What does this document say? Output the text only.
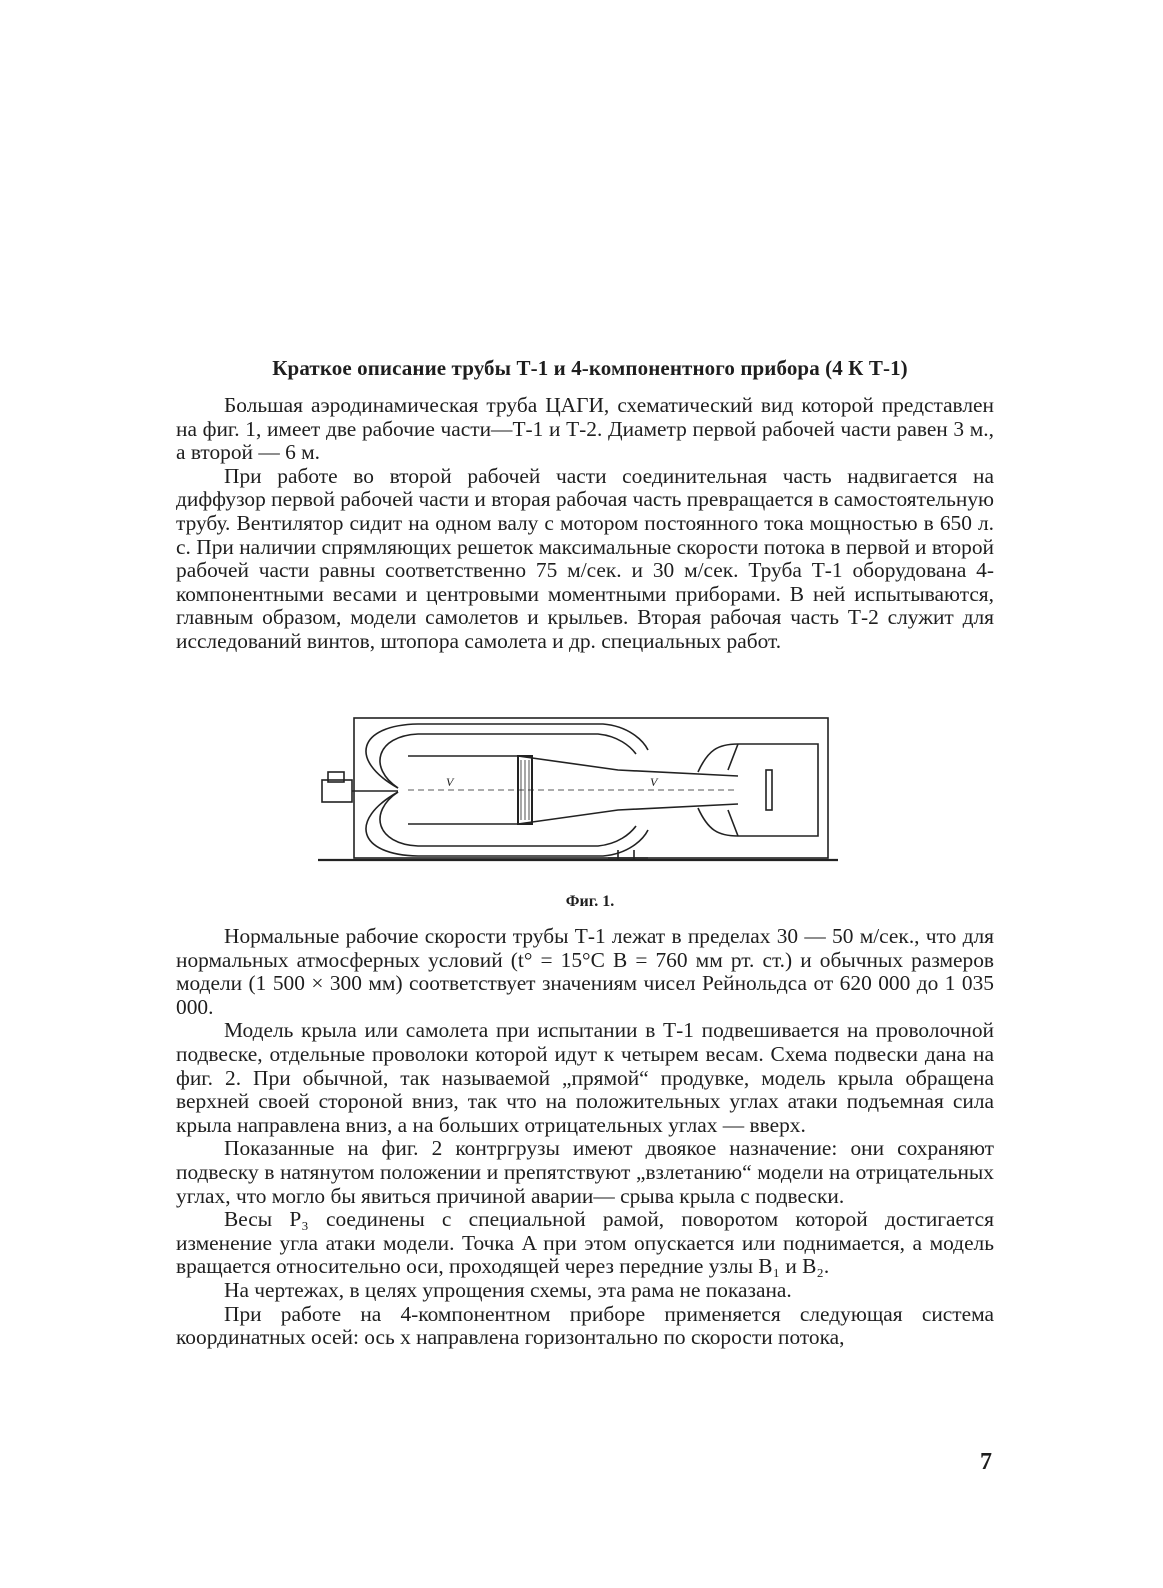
Краткое описание трубы Т-1 и 4-компонентного прибора (4 К Т-1)

Большая аэродинамическая труба ЦАГИ, схематический вид которой представлен на фиг. 1, имеет две рабочие части—Т-1 и Т-2. Диаметр первой рабочей части равен 3 м., а второй — 6 м.

При работе во второй рабочей части соединительная часть надвигается на диффузор первой рабочей части и вторая рабочая часть превращается в самостоятельную трубу. Вентилятор сидит на одном валу с мотором постоянного тока мощностью в 650 л. с. При наличии спрямляющих решеток максимальные скорости потока в первой и второй рабочей части равны соответственно 75 м/сек. и 30 м/сек. Труба Т-1 оборудована 4-компонентными весами и центровыми моментными приборами. В ней испытываются, главным образом, модели самолетов и крыльев. Вторая рабочая часть Т-2 служит для исследований винтов, штопора самолета и др. специальных работ.

V	V
Фиг. 1.

Нормальные рабочие скорости трубы Т-1 лежат в пределах 30 — 50 м/сек., что для нормальных атмосферных условий (t° = 15°C B = 760 мм рт. ст.) и обычных размеров модели (1 500 × 300 мм) соответствует значениям чисел Рейнольдса от 620 000 до 1 035 000.

Модель крыла или самолета при испытании в Т-1 подвешивается на проволочной подвеске, отдельные проволоки которой идут к четырем весам. Схема подвески дана на фиг. 2. При обычной, так называемой „прямой“ продувке, модель крыла обращена верхней своей стороной вниз, так что на положительных углах атаки подъемная сила крыла направлена вниз, а на больших отрицательных углах — вверх.

Показанные на фиг. 2 контргрузы имеют двоякое назначение: они сохраняют подвеску в натянутом положении и препятствуют „взлетанию“ модели на отрицательных углах, что могло бы явиться причиной аварии— срыва крыла с подвески.

Весы P₃ соединены с специальной рамой, поворотом которой достигается изменение угла атаки модели. Точка A при этом опускается или поднимается, а модель вращается относительно оси, проходящей через передние узлы B₁ и B₂.

На чертежах, в целях упрощения схемы, эта рама не показана.

При работе на 4-компонентном приборе применяется следующая система координатных осей: ось x направлена горизонтально по скорости потока,

7
